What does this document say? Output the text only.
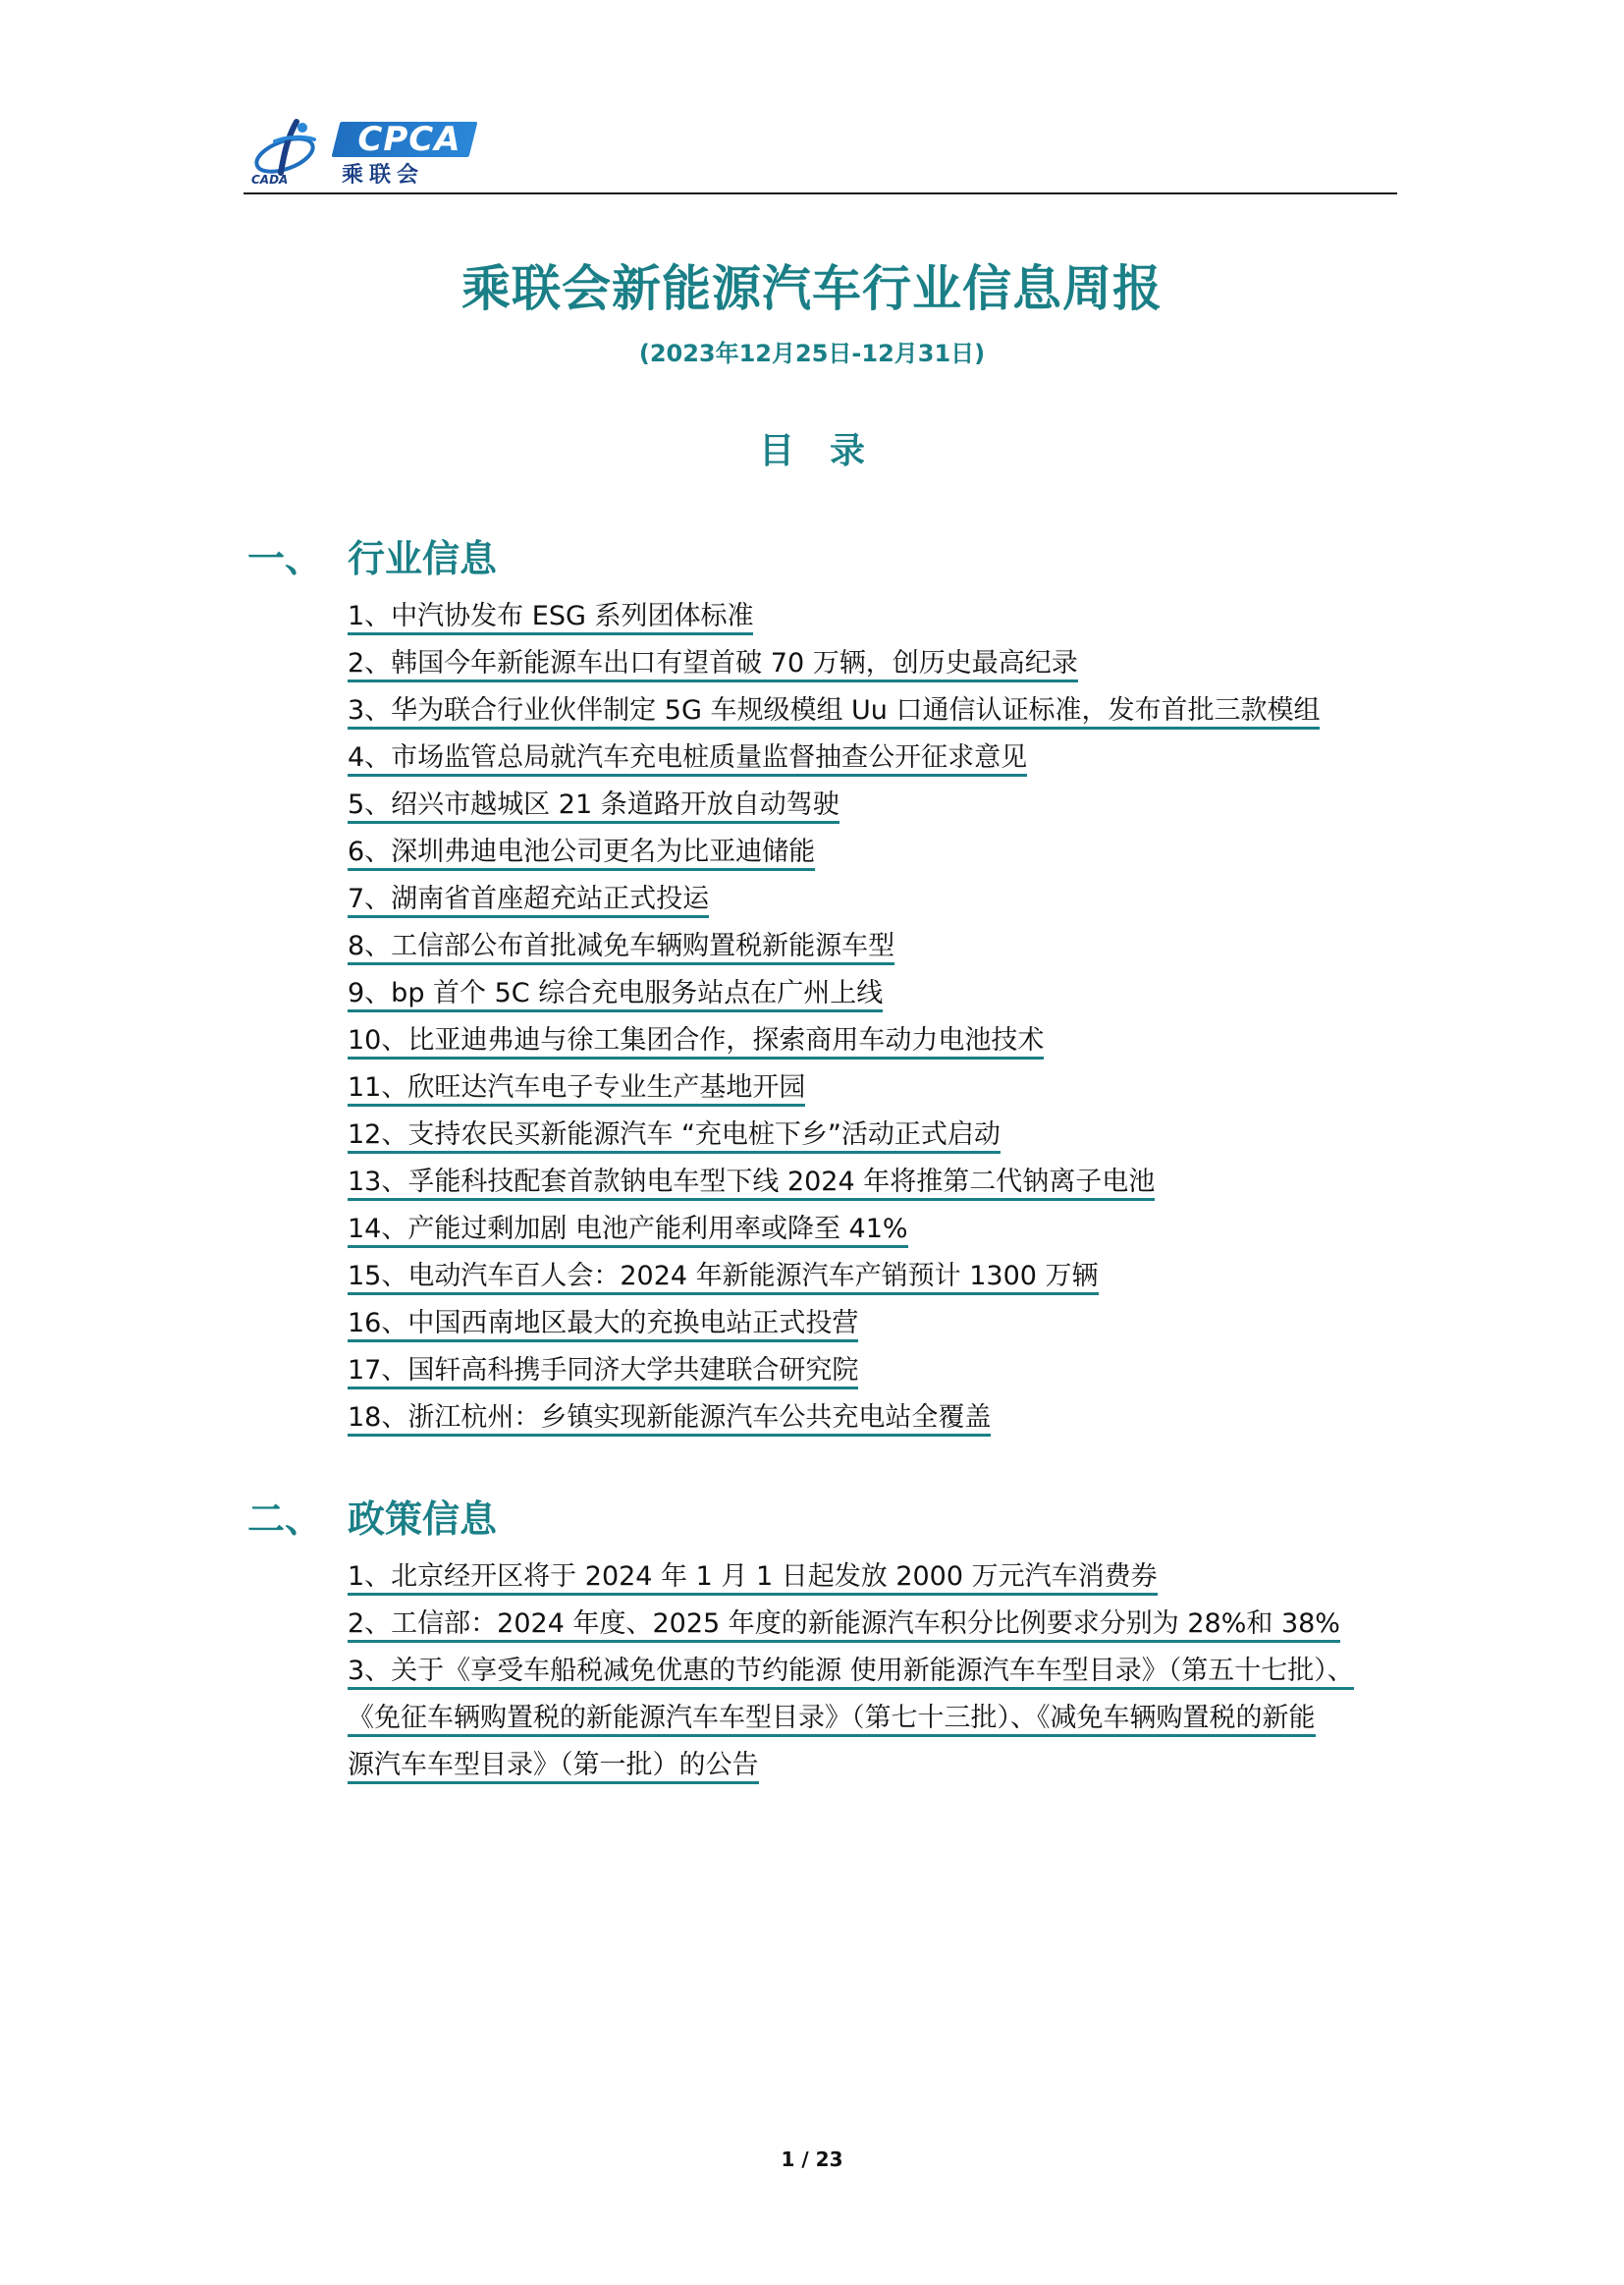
CPCA
乘联会
CADA
乘联会新能源汽车行业信息周报
(2023年12月25日-12月31日)
目录
一、 行业信息
1、中汽协发布 ESG 系列团体标准
2、韩国今年新能源车出口有望首破 70 万辆，创历史最高纪录
3、华为联合行业伙伴制定 5G 车规级模组 Uu 口通信认证标准，发布首批三款模组
4、市场监管总局就汽车充电桩质量监督抽查公开征求意见
5、绍兴市越城区 21 条道路开放自动驾驶
6、深圳弗迪电池公司更名为比亚迪储能
7、湖南省首座超充站正式投运
8、工信部公布首批减免车辆购置税新能源车型
9、bp 首个 5C 综合充电服务站点在广州上线
10、比亚迪弗迪与徐工集团合作，探索商用车动力电池技术
11、欣旺达汽车电子专业生产基地开园
12、支持农民买新能源汽车 “充电桩下乡”活动正式启动
13、孚能科技配套首款钠电车型下线 2024 年将推第二代钠离子电池
14、产能过剩加剧 电池产能利用率或降至 41%
15、电动汽车百人会：2024 年新能源汽车产销预计 1300 万辆
16、中国西南地区最大的充换电站正式投营
17、国轩高科携手同济大学共建联合研究院
18、浙江杭州：乡镇实现新能源汽车公共充电站全覆盖
二、 政策信息
1、北京经开区将于 2024 年 1 月 1 日起发放 2000 万元汽车消费券
2、工信部：2024 年度、2025 年度的新能源汽车积分比例要求分别为 28%和 38%
3、关于《享受车船税减免优惠的节约能源 使用新能源汽车车型目录》（第五十七批）、
《免征车辆购置税的新能源汽车车型目录》（第七十三批）、《减免车辆购置税的新能
源汽车车型目录》（第一批）的公告
1 / 23
